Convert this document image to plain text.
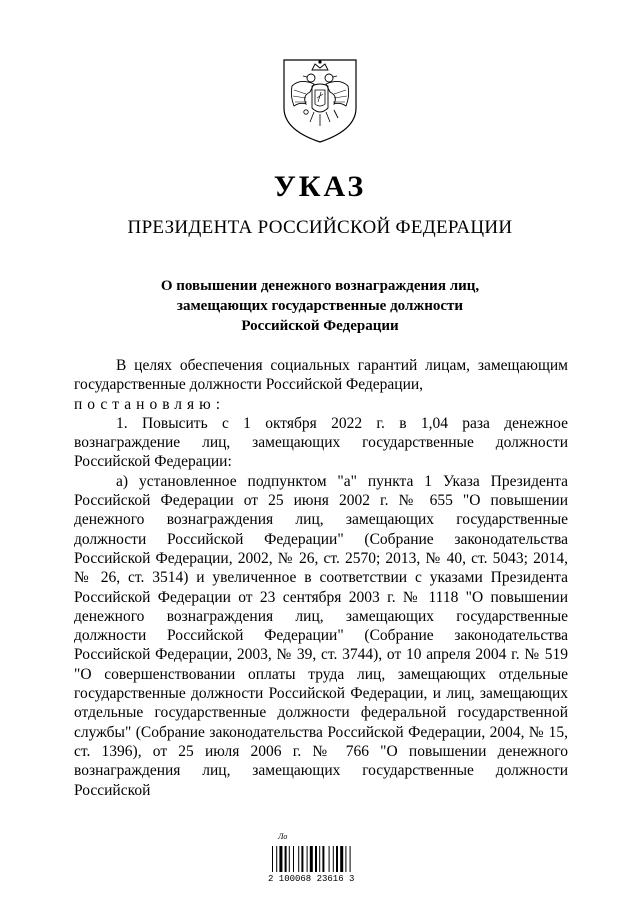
УКАЗ
ПРЕЗИДЕНТА РОССИЙСКОЙ ФЕДЕРАЦИИ
О повышении денежного вознаграждения лиц,
замещающих государственные должности
Российской Федерации

В целях обеспечения социальных гарантий лицам, замещающим государственные должности Российской Федерации,

постановляю:

1. Повысить с 1 октября 2022 г. в 1,04 раза денежное вознаграждение лиц, замещающих государственные должности Российской Федерации:

а) установленное подпунктом "а" пункта 1 Указа Президента Российской Федерации от 25 июня 2002 г. № 655 "О повышении денежного вознаграждения лиц, замещающих государственные должности Российской Федерации" (Собрание законодательства Российской Федерации, 2002, № 26, ст. 2570; 2013, № 40, ст. 5043; 2014, № 26, ст. 3514) и увеличенное в соответствии с указами Президента Российской Федерации от 23 сентября 2003 г. № 1118 "О повышении денежного вознаграждения лиц, замещающих государственные должности Российской Федерации" (Собрание законодательства Российской Федерации, 2003, № 39, ст. 3744), от 10 апреля 2004 г. № 519 "О совершенствовании оплаты труда лиц, замещающих отдельные государственные должности Российской Федерации, и лиц, замещающих отдельные государственные должности федеральной государственной службы" (Собрание законодательства Российской Федерации, 2004, № 15, ст. 1396), от 25 июля 2006 г. № 766 "О повышении денежного вознаграждения лиц, замещающих государственные должности Российской

Ло
2 100068 23616 3
